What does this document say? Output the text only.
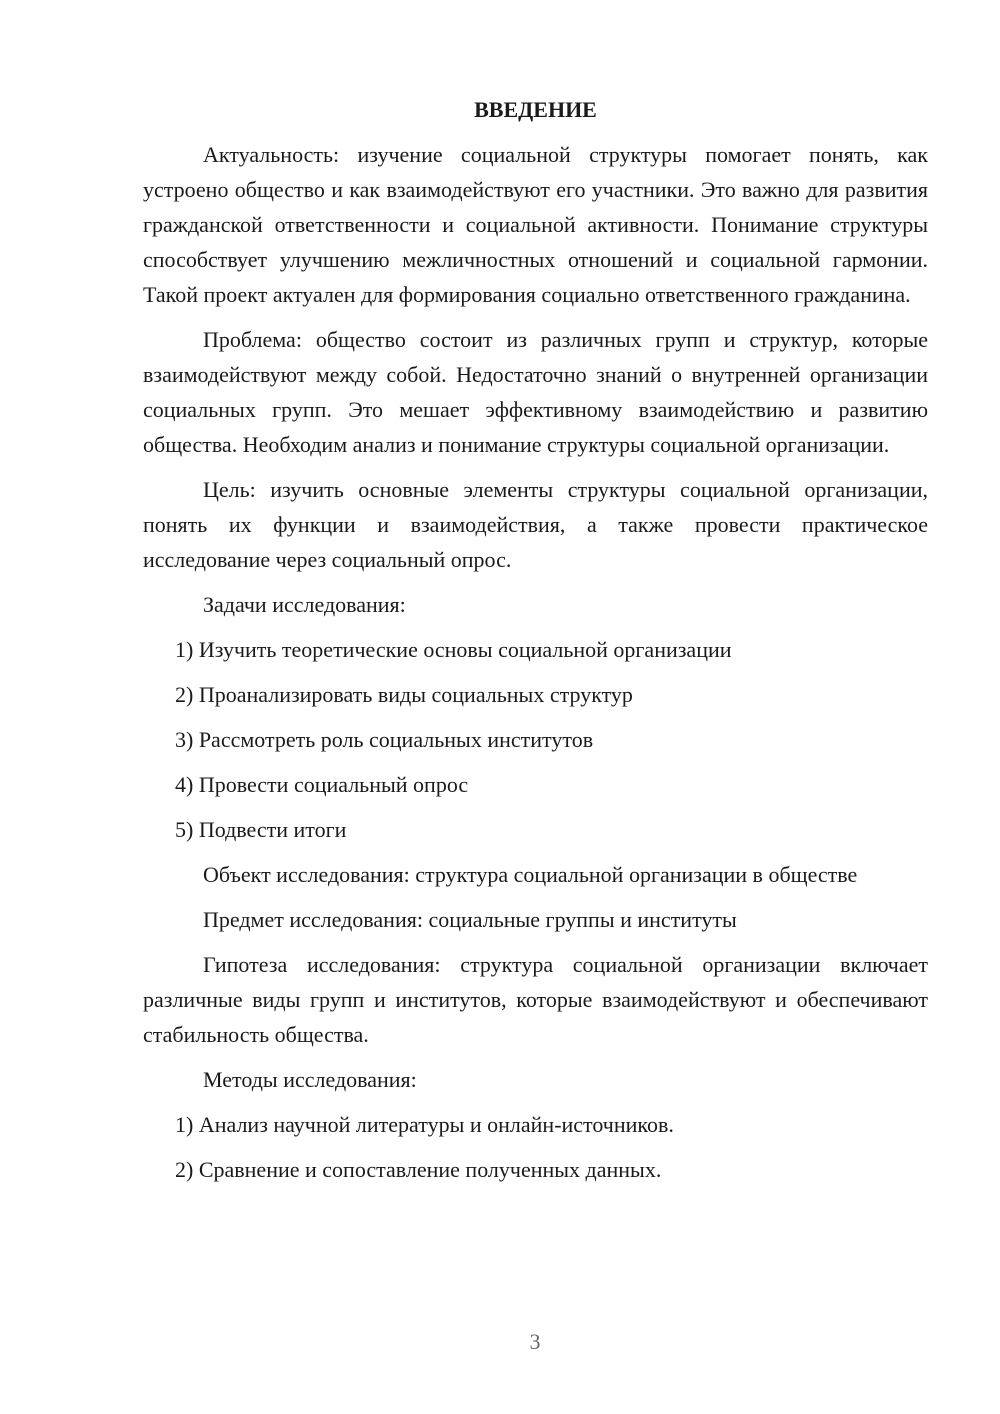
ВВЕДЕНИЕ

Актуальность: изучение социальной структуры помогает понять, как устроено общество и как взаимодействуют его участники. Это важно для развития гражданской ответственности и социальной активности. Понимание структуры способствует улучшению межличностных отношений и социальной гармонии. Такой проект актуален для формирования социально ответственного гражданина.

Проблема: общество состоит из различных групп и структур, которые взаимодействуют между собой. Недостаточно знаний о внутренней организации социальных групп. Это мешает эффективному взаимодействию и развитию общества. Необходим анализ и понимание структуры социальной организации.

Цель: изучить основные элементы структуры социальной организации, понять их функции и взаимодействия, а также провести практическое исследование через социальный опрос.

Задачи исследования:

1) Изучить теоретические основы социальной организации

2) Проанализировать виды социальных структур

3) Рассмотреть роль социальных институтов

4) Провести социальный опрос

5) Подвести итоги

Объект исследования: структура социальной организации в обществе

Предмет исследования: социальные группы и институты

Гипотеза исследования: структура социальной организации включает различные виды групп и институтов, которые взаимодействуют и обеспечивают стабильность общества.

Методы исследования:

1) Анализ научной литературы и онлайн-источников.

2) Сравнение и сопоставление полученных данных.

3
